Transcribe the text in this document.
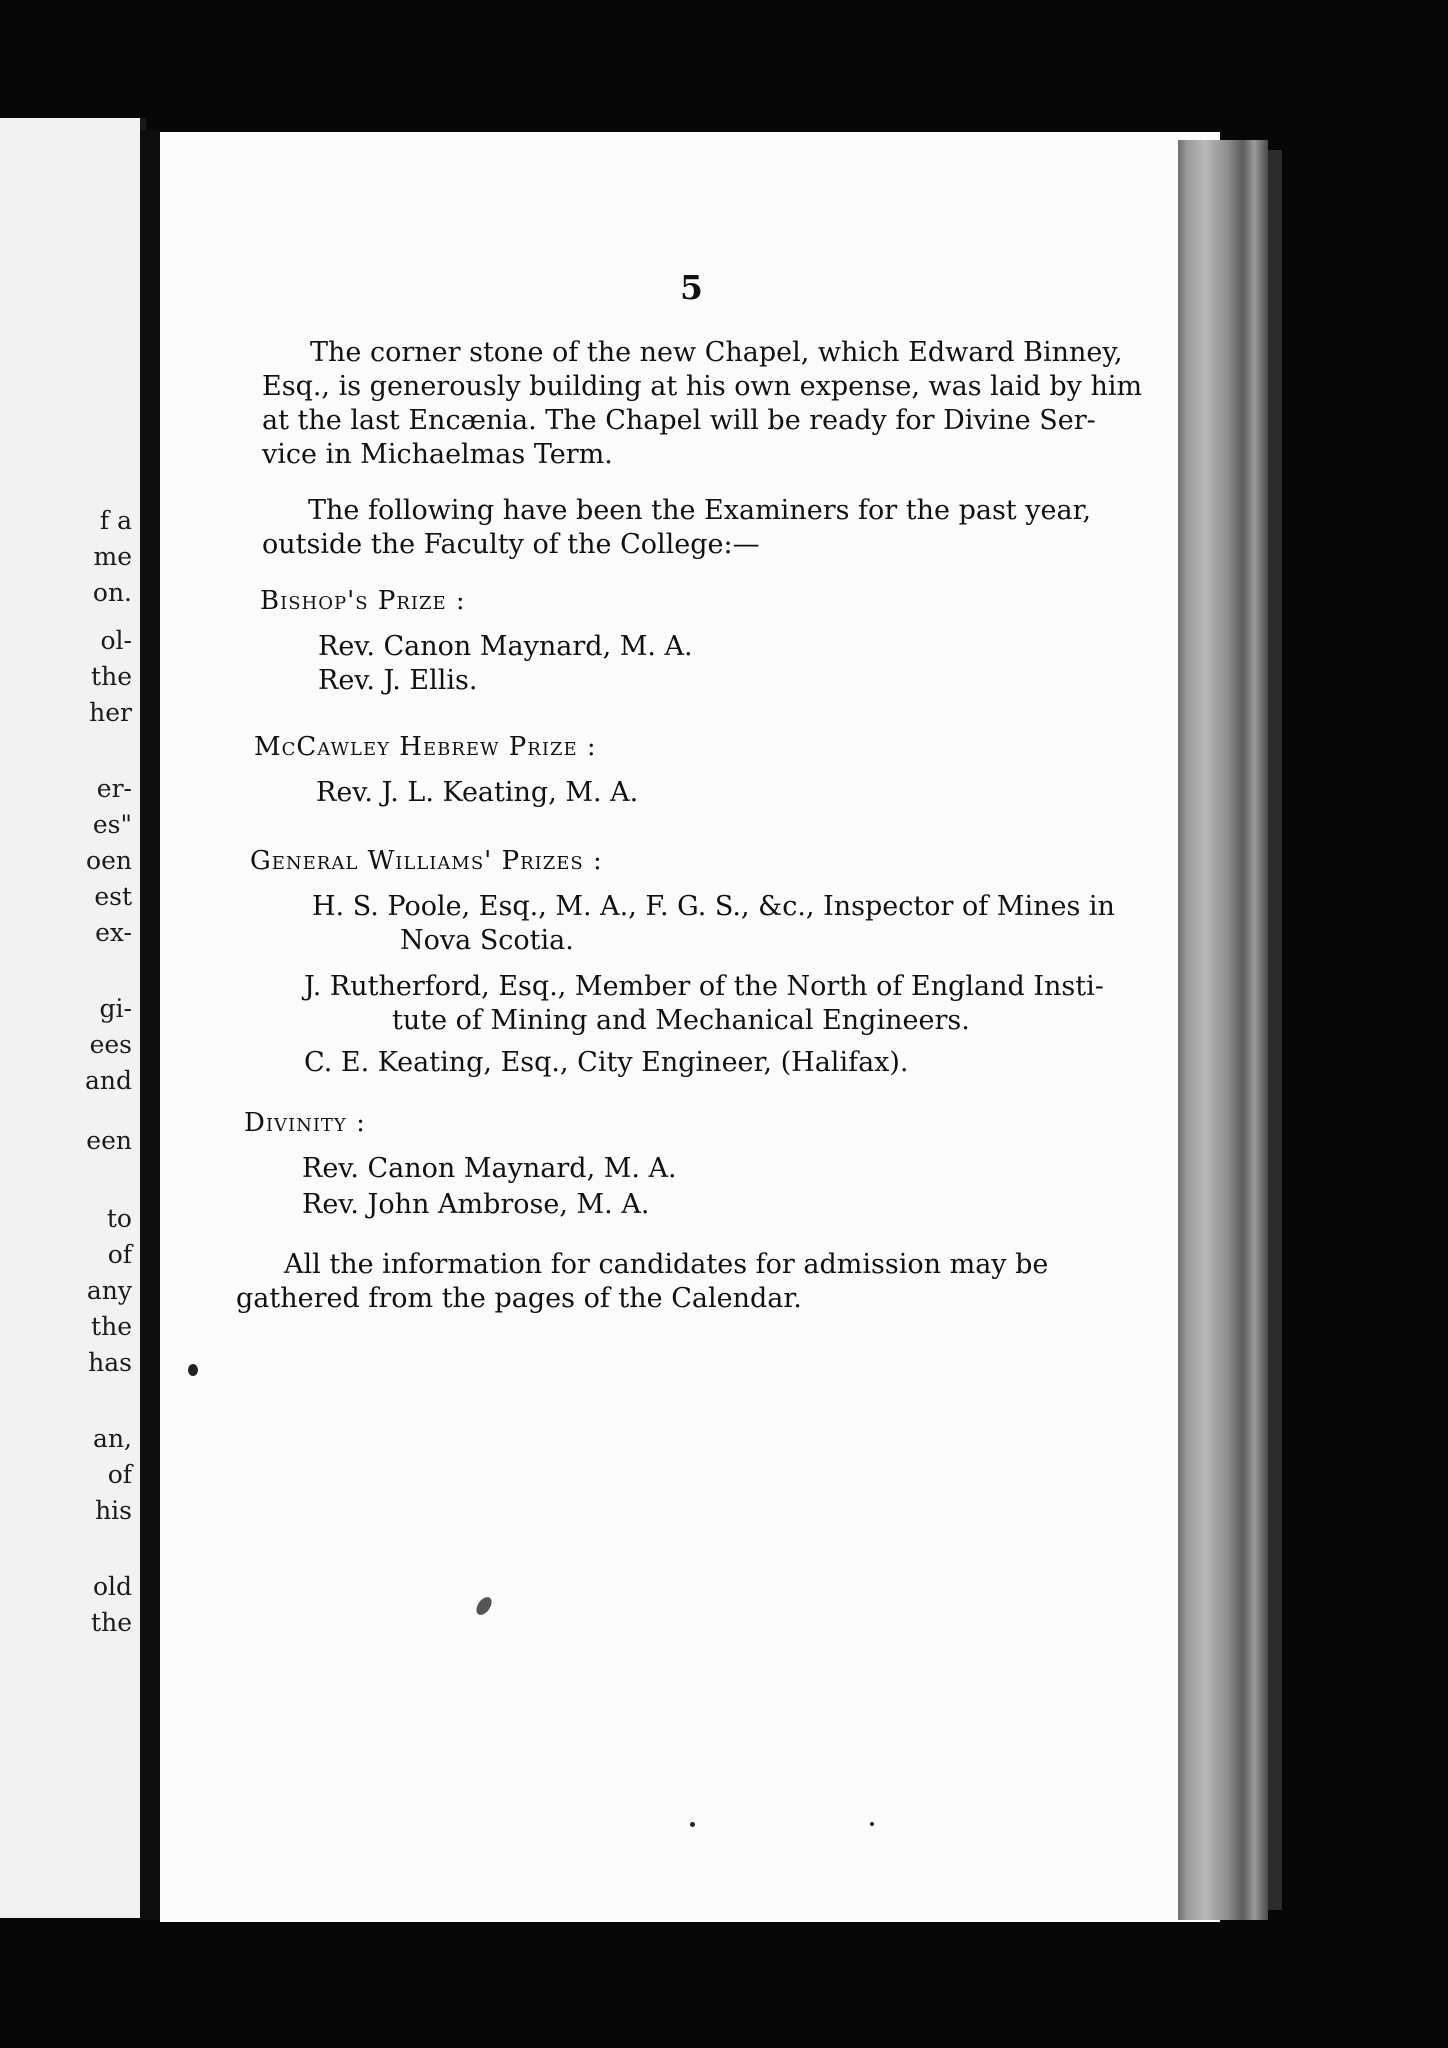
f a
me
on.
ol-
the
her
er-
es"
oen
est
ex-
gi-
ees
and
een
to
of
any
the
has
an,
of
his
old
the
5
The corner stone of the new Chapel, which Edward Binney,
Esq., is generously building at his own expense, was laid by him
at the last Encænia. The Chapel will be ready for Divine Ser-
vice in Michaelmas Term.
The following have been the Examiners for the past year,
outside the Faculty of the College:—
Bishop's Prize :
Rev. Canon Maynard, M. A.
Rev. J. Ellis.
McCawley Hebrew Prize :
Rev. J. L. Keating, M. A.
General Williams' Prizes :
H. S. Poole, Esq., M. A., F. G. S., &c., Inspector of Mines in
Nova Scotia.
J. Rutherford, Esq., Member of the North of England Insti-
tute of Mining and Mechanical Engineers.
C. E. Keating, Esq., City Engineer, (Halifax).
Divinity :
Rev. Canon Maynard, M. A.
Rev. John Ambrose, M. A.
All the information for candidates for admission may be
gathered from the pages of the Calendar.
